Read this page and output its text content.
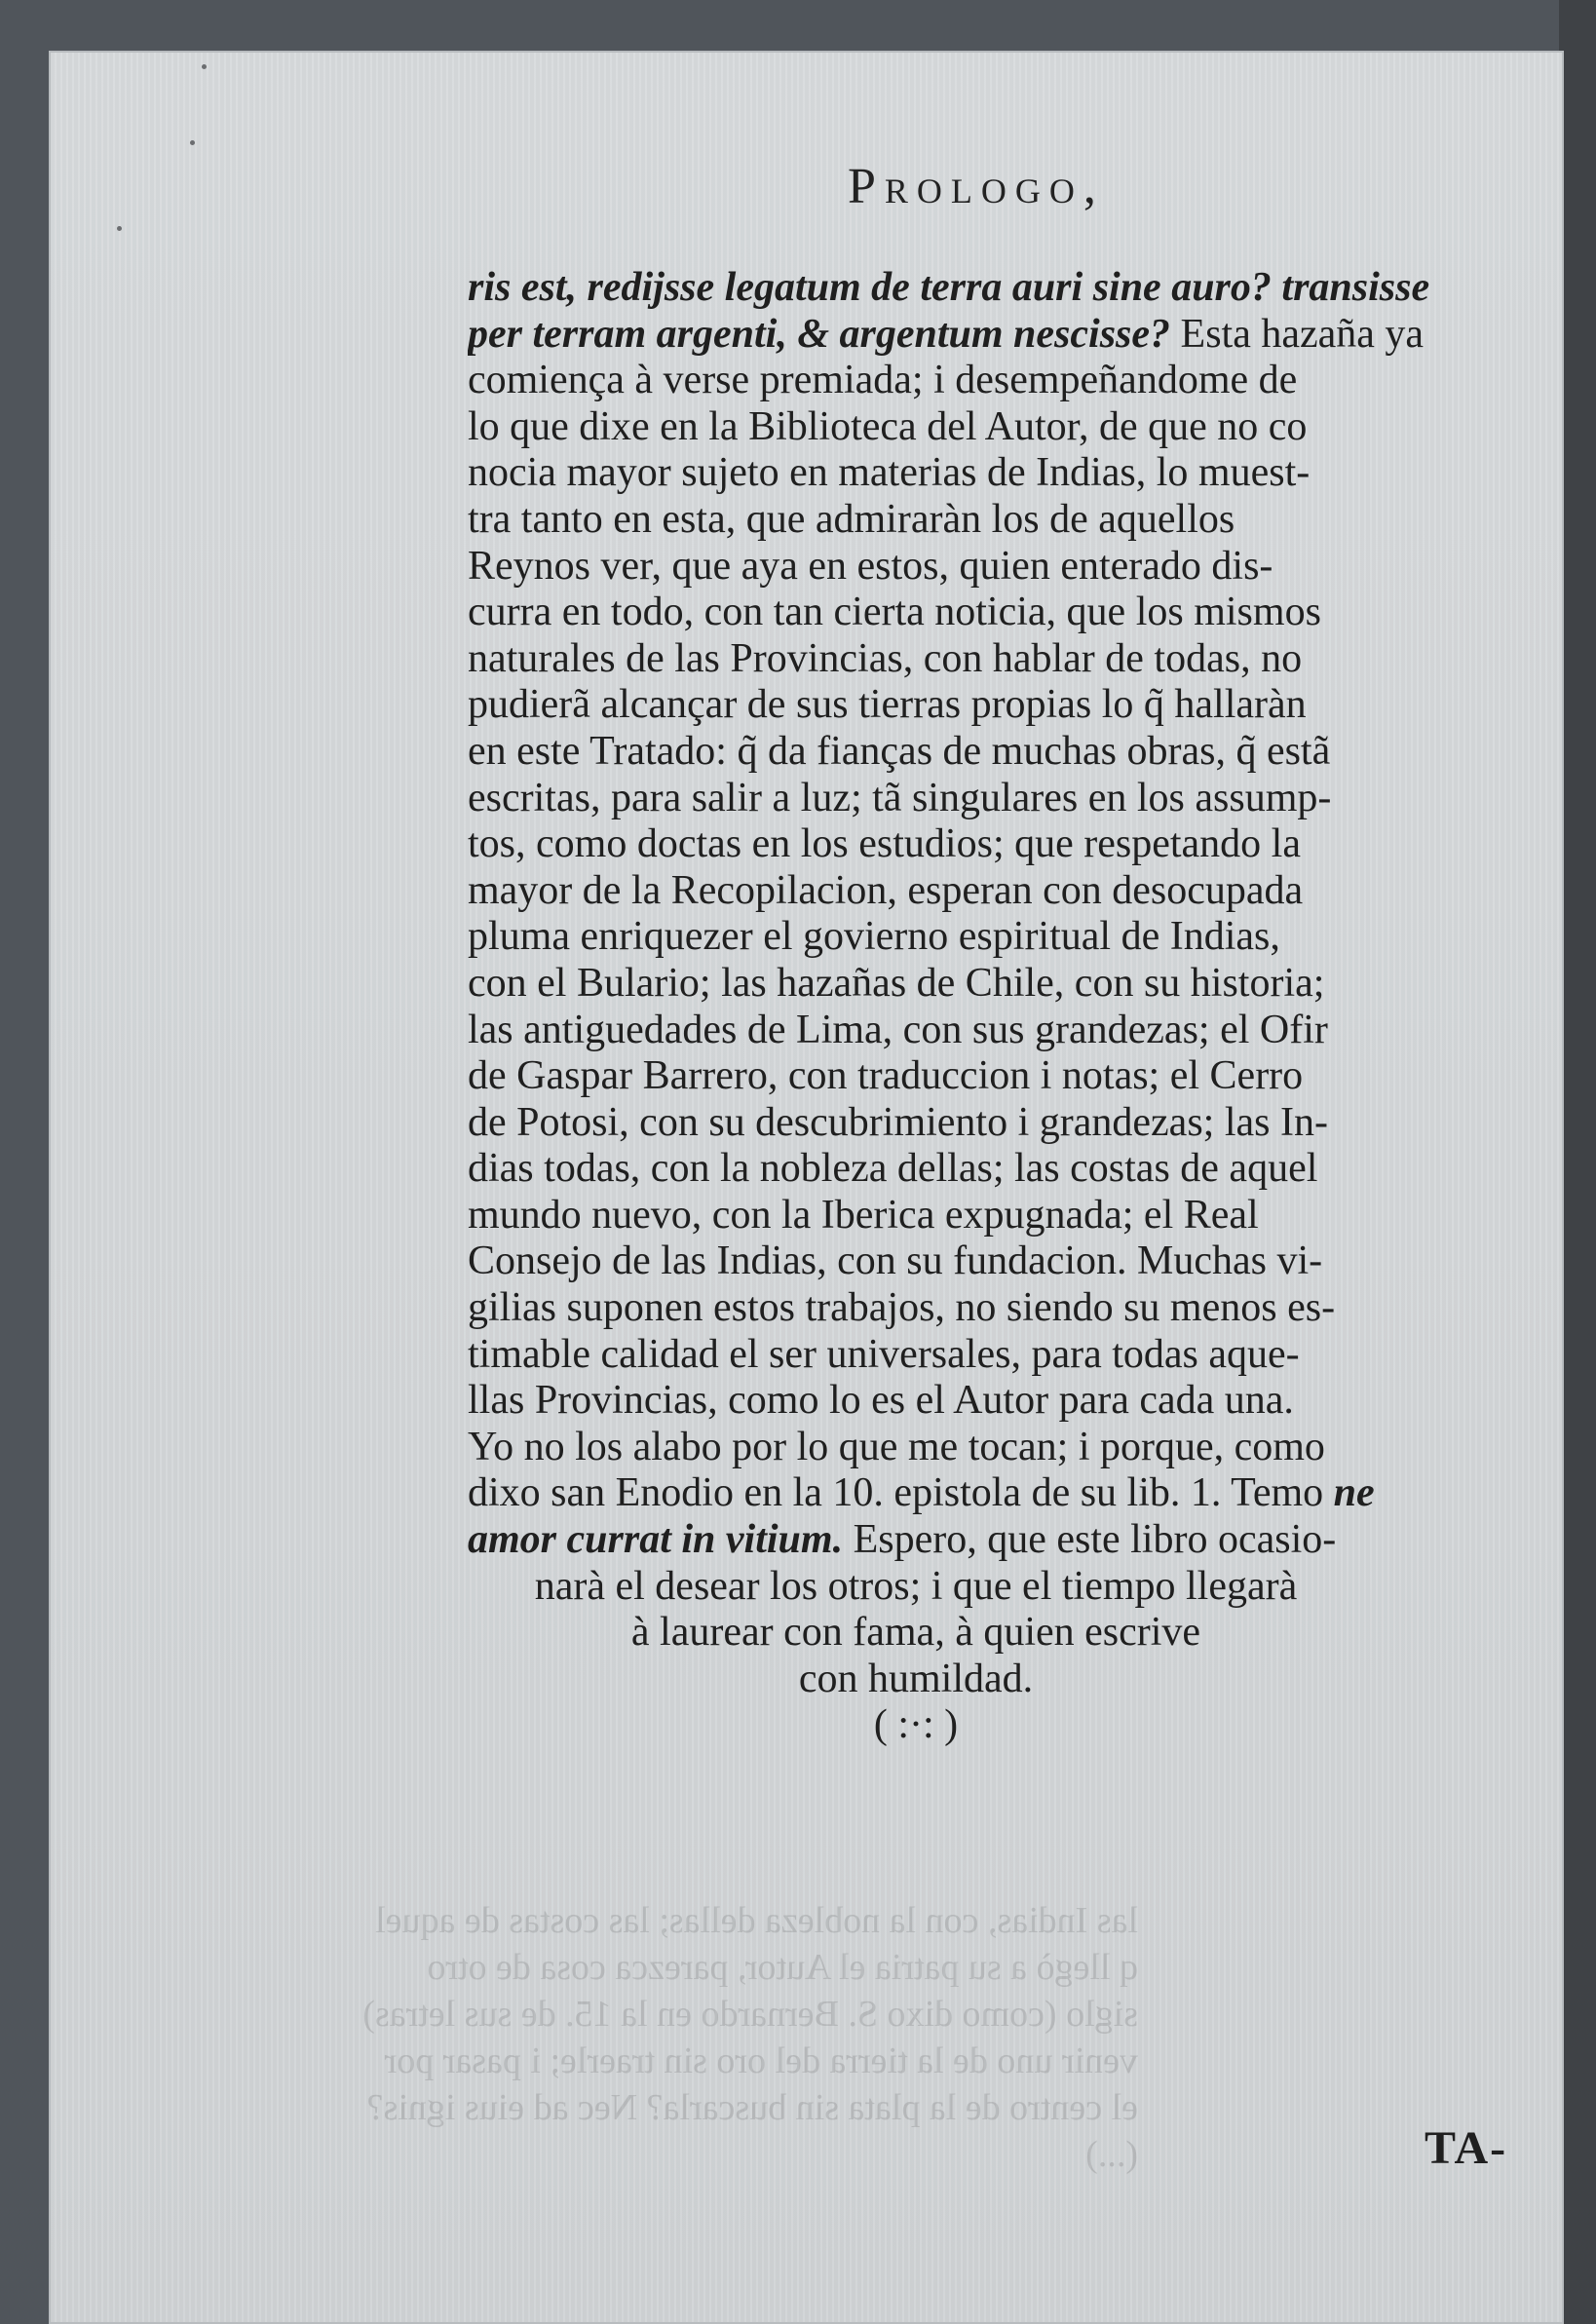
Prologo,
ris est, redijsse legatum de terra auri sine auro? transisse
per terram argenti, & argentum nescisse? Esta hazaña ya
comiença à verse premiada; i desempeñandome de
lo que dixe en la Biblioteca del Autor, de que no co
nocia mayor sujeto en materias de Indias, lo muest-
tra tanto en esta, que admiraràn los de aquellos
Reynos ver, que aya en estos, quien enterado dis-
curra en todo, con tan cierta noticia, que los mismos
naturales de las Provincias, con hablar de todas, no
pudierã alcançar de sus tierras propias lo q̃ hallaràn
en este Tratado: q̃ da fianças de muchas obras, q̃ estã
escritas, para salir a luz; tã singulares en los assump-
tos, como doctas en los estudios; que respetando la
mayor de la Recopilacion, esperan con desocupada
pluma enriquezer el govierno espiritual de Indias,
con el Bulario; las hazañas de Chile, con su historia;
las antiguedades de Lima, con sus grandezas; el Ofir
de Gaspar Barrero, con traduccion i notas; el Cerro
de Potosi, con su descubrimiento i grandezas; las In-
dias todas, con la nobleza dellas; las costas de aquel
mundo nuevo, con la Iberica expugnada; el Real
Consejo de las Indias, con su fundacion. Muchas vi-
gilias suponen estos trabajos, no siendo su menos es-
timable calidad el ser universales, para todas aque-
llas Provincias, como lo es el Autor para cada una.
Yo no los alabo por lo que me tocan; i porque, como
dixo san Enodio en la 10. epistola de su lib. 1. Temo ne
amor currat in vitium. Espero, que este libro ocasio-
narà el desear los otros; i que el tiempo llegarà
à laurear con fama, à quien escrive
con humildad.
( :·: )
las Indias, con la nobleza dellas; las costas de aquel
q llegò a su patria el Autor, parezca cosa de otro
siglo (como dixo S. Bernardo en la 15. de sus letras)
venir uno de la tierra del oro sin traerle; i pasar por
el centro de la plata sin buscarla? Nec ad eius ignis?
(...)	TA-
